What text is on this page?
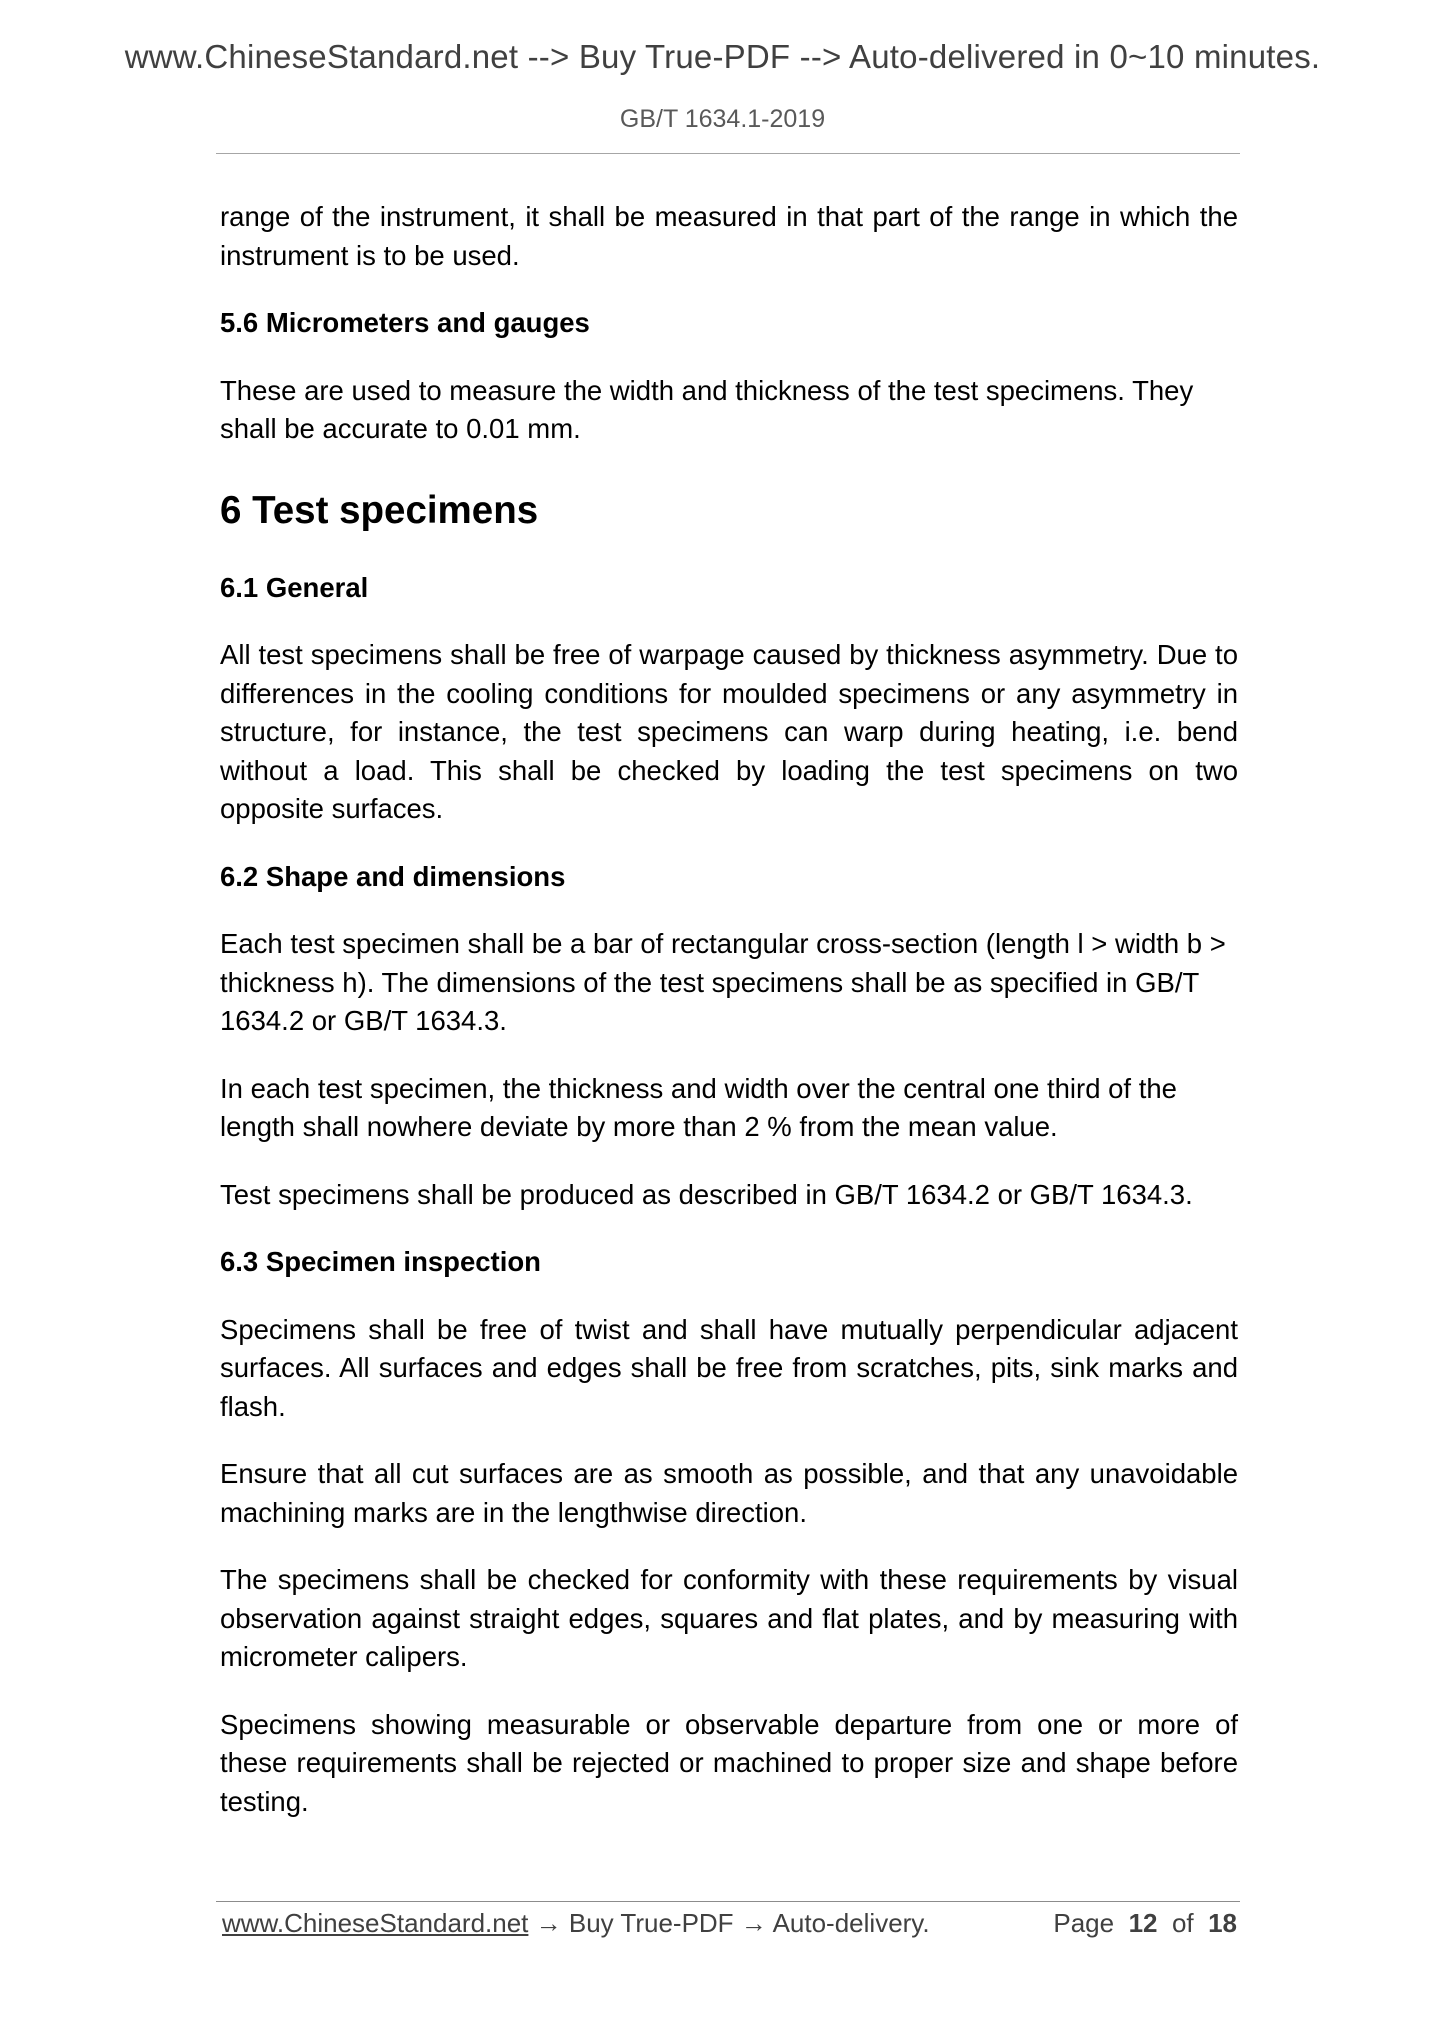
www.ChineseStandard.net --> Buy True-PDF --> Auto-delivered in 0~10 minutes.
GB/T 1634.1-2019

range of the instrument, it shall be measured in that part of the range in which the instrument is to be used.

5.6 Micrometers and gauges

These are used to measure the width and thickness of the test specimens. They shall be accurate to 0.01 mm.

6 Test specimens
6.1 General

All test specimens shall be free of warpage caused by thickness asymmetry. Due to differences in the cooling conditions for moulded specimens or any asymmetry in structure, for instance, the test specimens can warp during heating, i.e. bend without a load. This shall be checked by loading the test specimens on two opposite surfaces.

6.2 Shape and dimensions

Each test specimen shall be a bar of rectangular cross-section (length l > width b > thickness h). The dimensions of the test specimens shall be as specified in GB/T 1634.2 or GB/T 1634.3.

In each test specimen, the thickness and width over the central one third of the length shall nowhere deviate by more than 2 % from the mean value.

Test specimens shall be produced as described in GB/T 1634.2 or GB/T 1634.3.

6.3 Specimen inspection

Specimens shall be free of twist and shall have mutually perpendicular adjacent surfaces. All surfaces and edges shall be free from scratches, pits, sink marks and flash.

Ensure that all cut surfaces are as smooth as possible, and that any unavoidable machining marks are in the lengthwise direction.

The specimens shall be checked for conformity with these requirements by visual observation against straight edges, squares and flat plates, and by measuring with micrometer calipers.

Specimens showing measurable or observable departure from one or more of these requirements shall be rejected or machined to proper size and shape before testing.

www.ChineseStandard.net → Buy True-PDF → Auto-delivery.	Page 12 of 18
